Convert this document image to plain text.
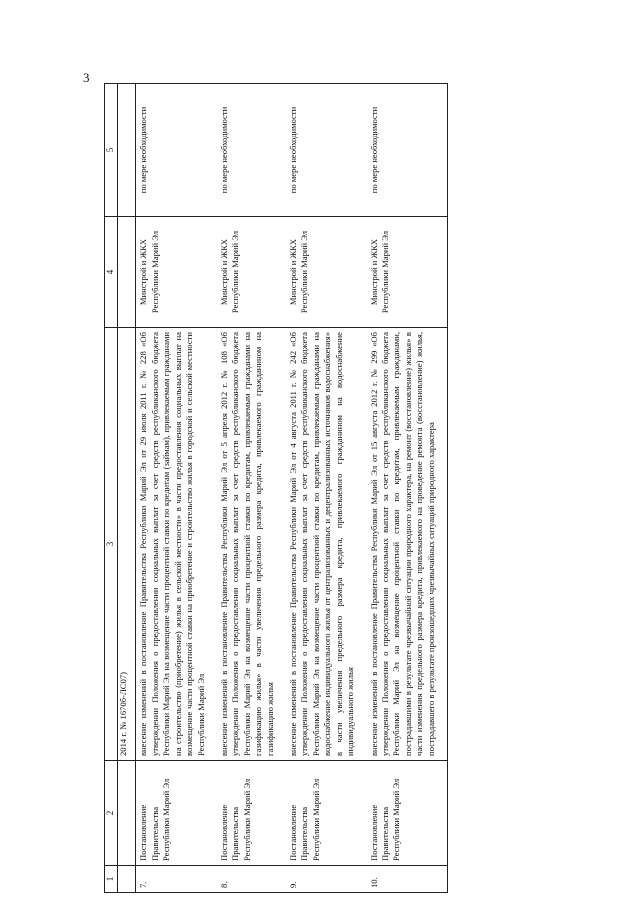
3
1	2	3	4	5
		2014 г. № 1670б-ЛС07)		
7.	Постановление Правительства Республики Марий Эл	внесение изменений в постановление Правительства Республики Марий Эл от 29 июля 2011 г. № 228 «Об утверждении Положения о предоставлении социальных выплат за счет средств республиканского бюджета Республики Марий Эл на возмещение части процентной ставки по кредитам (займам), привлекаемым гражданами на строительство (приобретение) жилья в сельской местности» в части предоставления социальных выплат на возмещение части процентной ставки на приобретение и строительство жилья в городской и сельской местности Республики Марий Эл	Минстрой и ЖКХ Республики Марий Эл	по мере необходимости
8.	Постановление Правительства Республики Марий Эл	внесение изменений в постановление Правительства Республики Марий Эл от 5 апреля 2012 г. № 108 «Об утверждении Положения о предоставлении социальных выплат за счет средств республиканского бюджета Республики Марий Эл на возмещение части процентной ставки по кредитам, привлекаемым гражданами на газификацию жилья» в части увеличения предельного размера кредита, привлекаемого гражданином на газификацию жилья	Минстрой и ЖКХ Республики Марий Эл	по мере необходимости
9.	Постановление Правительства Республики Марий Эл	внесение изменений в постановление Правительства Республики Марий Эл от 4 августа 2011 г. № 242 «Об утверждении Положения о предоставлении социальных выплат за счет средств республиканского бюджета Республики Марий Эл на возмещение части процентной ставки по кредитам, привлекаемым гражданами на водоснабжение индивидуального жилья от централизованных и децентрализованных источников водоснабжения» в части увеличения предельного размера кредита, привлекаемого гражданином на водоснабжение индивидуального жилья	Минстрой и ЖКХ Республики Марий Эл	по мере необходимости
10.	Постановление Правительства Республики Марий Эл	внесение изменений в постановление Правительства Республики Марий Эл от 15 августа 2012 г. № 299 «Об утверждении Положения о предоставлении социальных выплат за счет средств республиканского бюджета Республики Марий Эл на возмещение процентной ставки по кредитам, привлекаемым гражданами, пострадавшими в результате чрезвычайной ситуации природного характера, на ремонт (восстановление) жилья» в части изменения предельного размера кредита, привлекаемого на проведение ремонта (восстановление) жилья, пострадавшего в результате произошедших чрезвычайных ситуаций природного характера	Минстрой и ЖКХ Республики Марий Эл	по мере необходимости
